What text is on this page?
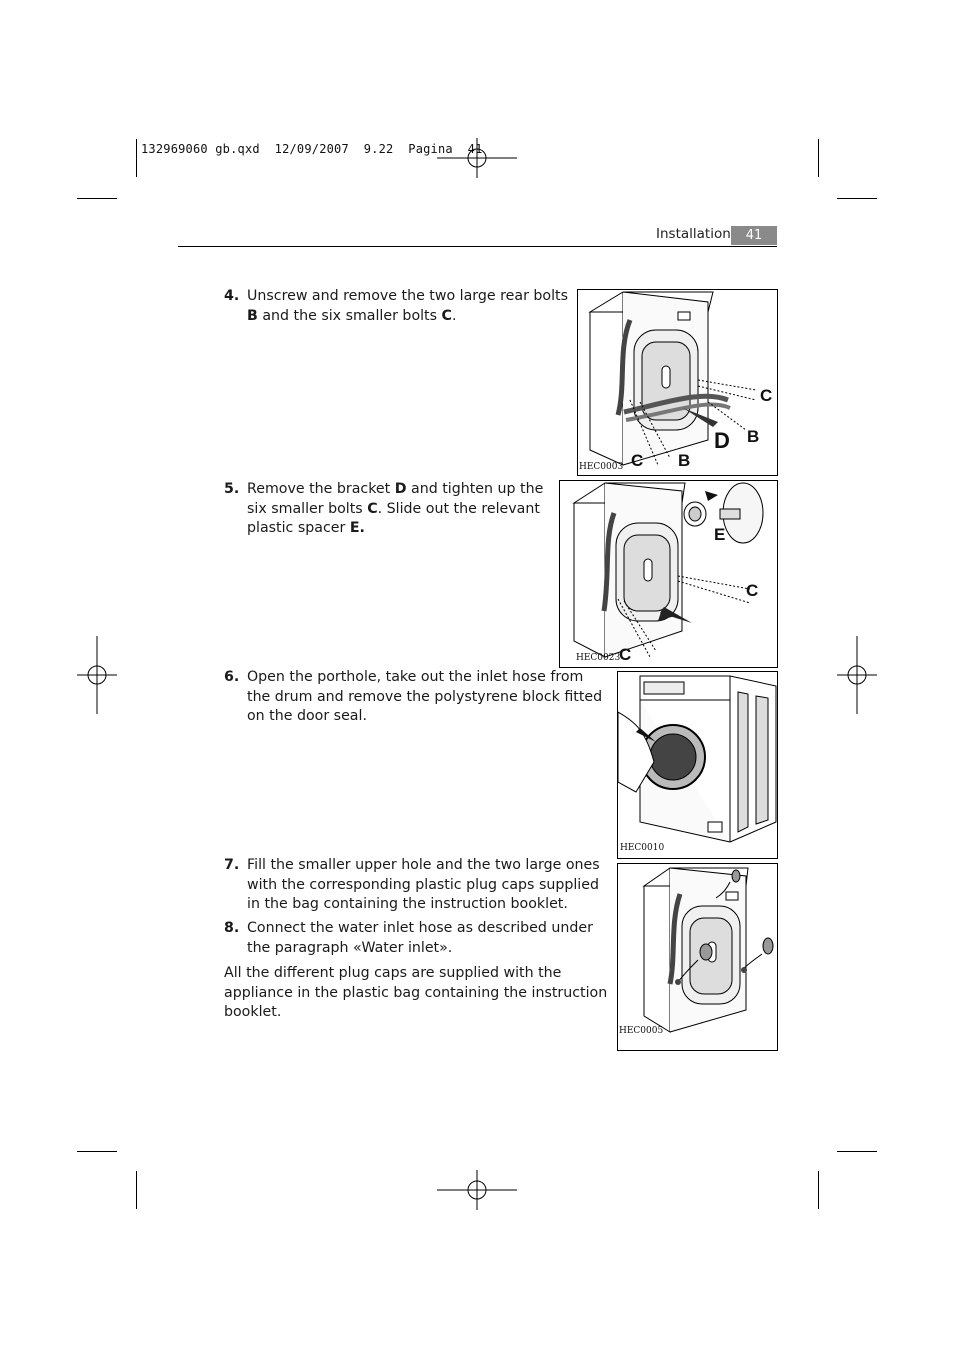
132969060 gb.qxd  12/09/2007  9.22  Pagina  41
Installation	41
4. Unscrew and remove the two large rear bolts B and the six smaller bolts C.
5. Remove the bracket D and tighten up the six smaller bolts C. Slide out the relevant plastic spacer E.
6. Open the porthole, take out the inlet hose from the drum and remove the polystyrene block fitted on the door seal.
7. Fill the smaller upper hole and the two large ones with the corresponding plastic plug caps supplied in the bag containing the instruction booklet.
8. Connect the water inlet hose as described under the paragraph «Water inlet».
All the different plug caps are supplied with the appliance in the plastic bag containing the instruction booklet.
C
D B
C B
HEC0003
E
C
C
HEC0023
HEC0010
HEC0005
